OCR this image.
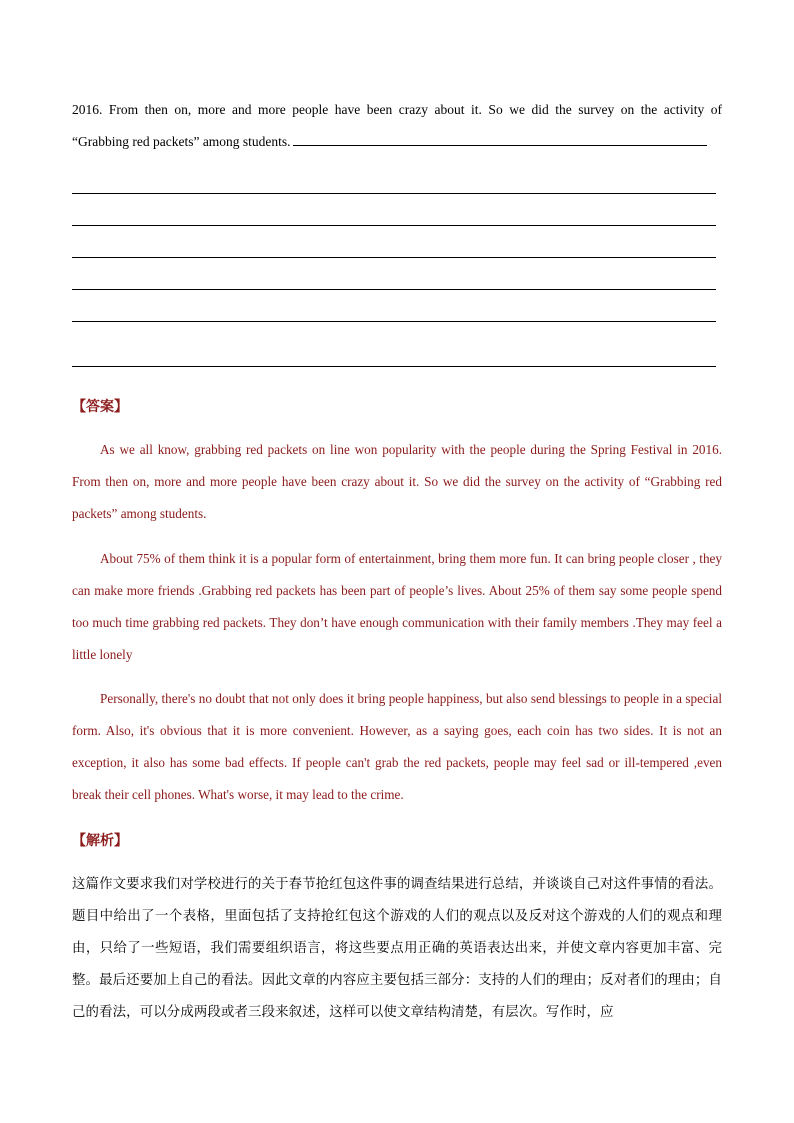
2016. From then on, more and more people have been crazy about it. So we did the survey on the activity of

“Grabbing red packets” among students.

【答案】

As we all know, grabbing red packets on line won popularity with the people during the Spring Festival in 2016. From then on, more and more people have been crazy about it. So we did the survey on the activity of “Grabbing red packets” among students.

About 75% of them think it is a popular form of entertainment, bring them more fun. It can bring people closer , they can make more friends .Grabbing red packets has been part of people’s lives. About 25% of them say some people spend too much time grabbing red packets. They don’t have enough communication with their family members .They may feel a little lonely

Personally, there's no doubt that not only does it bring people happiness, but also send blessings to people in a special form. Also, it's obvious that it is more convenient. However, as a saying goes, each coin has two sides. It is not an exception, it also has some bad effects. If people can't grab the red packets, people may feel sad or ill-tempered ,even break their cell phones. What's worse, it may lead to the crime.

【解析】

这篇作文要求我们对学校进行的关于春节抢红包这件事的调查结果进行总结，并谈谈自己对这件事情的看法。题目中给出了一个表格，里面包括了支持抢红包这个游戏的人们的观点以及反对这个游戏的人们的观点和理由，只给了一些短语，我们需要组织语言，将这些要点用正确的英语表达出来，并使文章内容更加丰富、完整。最后还要加上自己的看法。因此文章的内容应主要包括三部分：支持的人们的理由；反对者们的理由；自己的看法，可以分成两段或者三段来叙述，这样可以使文章结构清楚，有层次。写作时，应
